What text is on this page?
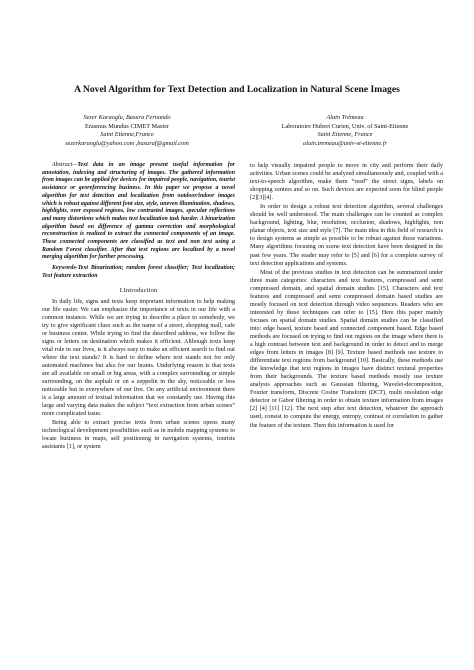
A Novel Algorithm for Text Detection and Localization in Natural Scene Images
Sezer Karaoglu, Basura Fernando
Erasmus Mundus CIMET Master
Saint Etienne,France
sezerkaraoglu@yahoo.com ,basuraf@gmail.com
Alain Trémeau
Laboratoire Hubert Curien, Univ. of Saint-Etienne
Saint Etienne, France
alain.tremeau@univ-st-etienne.fr

Abstract—Text data in an image present useful information for annotation, indexing and structuring of images. The gathered information from images can be applied for devices for impaired people, navigation, tourist assistance or georeferencing business. In this paper we propose a novel algorithm for text detection and localization from outdoor/indoor images which is robust against different font size, style, uneven illumination, shadows, highlights, over exposed regions, low contrasted images, specular reflections and many distortions which makes text localization task harder. A binarization algorithm based on difference of gamma correction and morphological reconstruction is realized to extract the connected components of an image. These connected components are classified as text and non text using a Random Forest classifier. After that text regions are localized by a novel merging algorithm for further processing.

Keywords-Text Binarization; random forest classifier; Text localization; Text feature extraction

I.Introduction

In daily life, signs and texts keep important information to help making our life easier. We can emphasize the importance of texts in our life with a common instance. While we are trying to describe a place to somebody, we try to give significant clues such as the name of a street, shopping mall, cafe or business center. While trying to find the described address, we follow the signs or letters on destination which makes it efficient. Although texts keep vital role in our lives, is it always easy to make an efficient search to find out where the text stands? It is hard to define where text stands not for only automated machines but also for our brains. Underlying reason is that texts are all available on small or big areas, with a complex surrounding or simple surrounding, on the asphalt or on a zeppelin in the sky, noticeable or less noticeable but in everywhere of our live. On any artificial environment there is a large amount of textual information that we constantly use. Having this large and varying data makes the subject “text extraction from urban scenes” more complicated issue.

Being able to extract precise texts from urban scenes opens many technological development possibilities such as in mobile mapping systems to locate business in maps, self positioning in navigation systems, tourists assistants [1], or system

to help visually impaired people to move in city and perform their daily activities. Urban scenes could be analyzed simultaneously and, coupled with a text-to-speech algorithm, make them “read” the street signs, labels on shopping centers and so on. Such devices are expected soon for blind people [2][3][4].

In order to design a robust text detection algorithm, several challenges should be well understood. The main challenges can be counted as complex background, lighting, blur, resolution, occlusion, shadows, highlights, non planar objects, text size and style [7]. The main idea in this field of research is to design systems as simple as possible to be robust against these variations. Many algorithms focusing on scene text detection have been designed in the past few years. The reader may refer to [5] and [6] for a complete survey of text detection applications and systems.

Most of the previous studies in text detection can be summarized under three main categories: characters and text features, compressed and semi compressed domain, and spatial domain studies [15]. Characters and text features and compressed and semi compressed domain based studies are mostly focused on text detection through video sequences. Readers who are interested by these techniques can refer to [15]. Here this paper mainly focuses on spatial domain studies. Spatial domain studies can be classified into: edge based, texture based and connected component based. Edge based methods are focused on trying to find out regions on the image where there is a high contrast between text and background in order to detect and to merge edges from letters in images [8] [9]. Texture based methods use texture to differentiate text regions from background [10]. Basically, these methods use the knowledge that text regions in images have distinct textural properties from their backgrounds. The texture based methods mostly use texture analysis approaches such as Gaussian filtering, Wavelet-decomposition, Fourier transform, Discrete Cosine Transform (DCT), multi resolution edge detector or Gabor filtering in order to obtain texture information from images [2] [4] [11] [12]. The next step after text detection, whatever the approach used, consist to compute the energy, entropy, contrast or correlation to gather the feature of the texture. Then this information is used for
